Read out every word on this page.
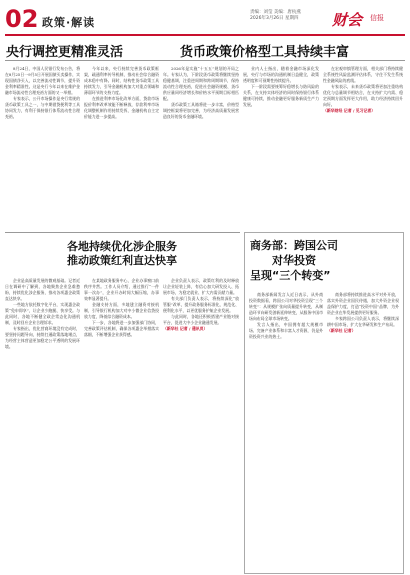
02 政策·解读
责编：刘莹 美编：唐杭燕
2026年3月26日 星期四	财会 信报
央行调控更精准灵活	货币政策价格型工具持续丰富

8月24日，中国人民银行发布公告，将在8月25日一9月5日开展国债买卖操作，实现国债净买入，以完善流动性调节，提升资金利率精准性。这是央行今年以来在维护金融市场流动性合理充裕方面的又一举措。

专家表示，公开市场操作是央行常规的货币政策工具之一，与中期借贷便利等工具协同发力，有利于保持银行体系流动性合理充裕。

今年以来，央行持续完善货币政策框架，疏通利率传导机制，推动社会综合融资成本稳中有降。同时，结构性货币政策工具持续发力，引导金融机构加大对重点领域和薄弱环节的支持力度。

在推进利率市场化改革方面，贷款市场报价利率改革效能不断释放，存款利率市场化调整机制作用持续发挥，金融机构自主定价能力进一步提高。

2026年是实施“十五五”规划的开局之年。专家认为，下阶段货币政策将继续坚持稳健基调，注重逆周期和跨周期调节，保持流动性合理充裕，促进社会融资规模、货币供应量同经济增长和价格水平预期目标相匹配。

货币政策工具箱将进一步丰富，价格型调控框架将更加完善，为经济高质量发展营造良好的货币金融环境。

业内人士指出，随着金融市场深化发展，央行与市场的沟通机制日益健全，政策透明度和可预期性持续提升。

下一阶段需要统筹好稳增长与防风险的关系，在支持实体经济的同时保持银行体系健康可持续，推动金融更好服务新质生产力发展。

在宏观审慎管理方面，相关部门将持续健全系统性风险监测评估体系，守住不发生系统性金融风险的底线。

专家表示，未来货币政策将更加注重结构优化与总量调节相结合，在支持扩大内需、稳定预期方面发挥更大作用，助力经济持续回升向好。

（新华财经 记者 / 见习记者）

各地持续优化涉企服务
推动政策红利直达快享

企业是高质量发展的微观基础。记者近日在调研中了解到，各地聚焦企业急难愁盼，持续优化涉企服务，推动各项惠企政策直达快享。

一些地方依托数字化平台，实现惠企政策“免申即享”，让企业少跑腿、快享受。与此同时，各地不断健全政企常态化沟通机制，及时回应企业合理诉求。

专家指出，优化营商环境没有完成时，要坚持问题导向，持续打通政策落地堵点，为经营主体营造更加稳定公平透明的发展环境。

在某地政务服务中心，企业办事窗口前秩序井然。工作人员介绍，通过推行“一件事一次办”，企业开办时间大幅压缩，办事效率显著提升。

金融支持方面，多地建立融资对接机制，引导银行机构加大对中小微企业信贷投放力度，降低综合融资成本。

下一步，各地将进一步加强部门协同，完善政策评估机制，确保各项惠企举措落实落细，不断增强企业获得感。

企业负责人表示，政策红利的及时释放让企业轻装上阵，有信心加大研发投入、拓展市场，为稳定就业、扩大内需贡献力量。

有关部门负责人表示，将持续深化“放管服”改革，提升政务服务标准化、规范化、便利化水平，以更优服务护航企业发展。

与此同时，各地还积极搭建产业链对接平台，促进大中小企业融通发展。

（新华社 记者 / 通讯员）

商务部：跨国公司
对华投资
呈现“三个转变”

商务部新闻发言人近日表示，从外商投资数据看，跨国公司对华投资呈现“三个转变”：从规模扩张向质量提升转变，从制造环节向研发创新延伸转变，从服务中国市场向布局全球市场转变。

发言人指出，中国拥有超大规模市场、完备产业体系和丰富人才资源，仍是外资投资兴业的热土。

商务部将持续推进高水平对外开放，落实外资企业国民待遇，加大外资企业权益保护力度，打造“投资中国”品牌，为外资企业在华发展提供更好服务。

多家跨国公司负责人表示，将继续深耕中国市场，扩大在华研发和生产布局。

（新华社 记者）
